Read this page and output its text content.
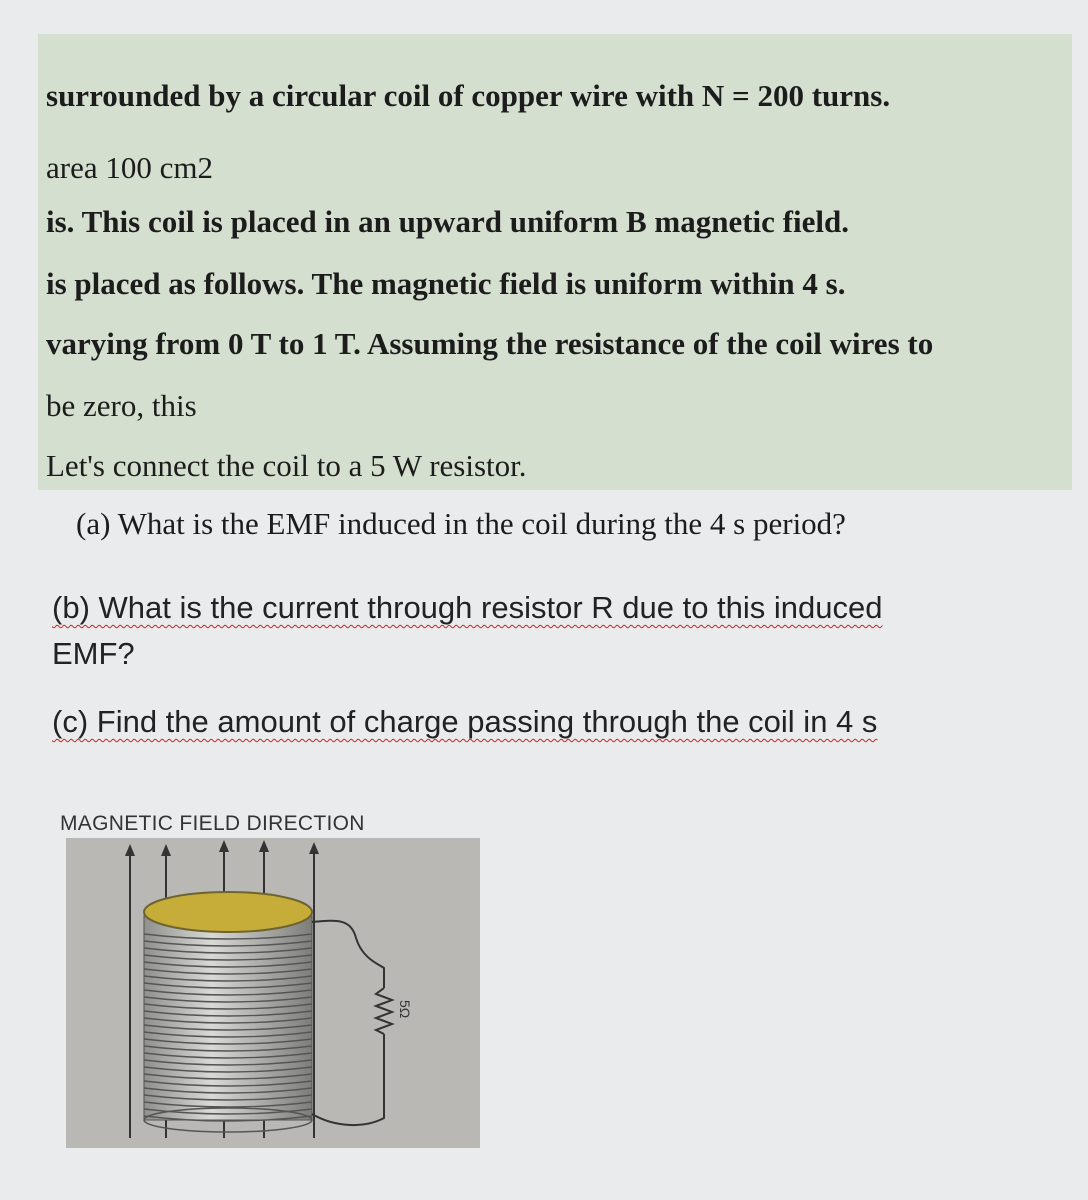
surrounded by a circular coil of copper wire with N = 200 turns.
area 100 cm2
is. This coil is placed in an upward uniform B magnetic field.
is placed as follows. The magnetic field is uniform within 4 s.
varying from 0 T to 1 T. Assuming the resistance of the coil wires to
be zero, this
Let's connect the coil to a 5 W resistor.
(a) What is the EMF induced in the coil during the 4 s period?
(b) What is the current through resistor R due to this induced
EMF?
(c) Find the amount of charge passing through the coil in 4 s
MAGNETIC FIELD DIRECTION
5Ω
